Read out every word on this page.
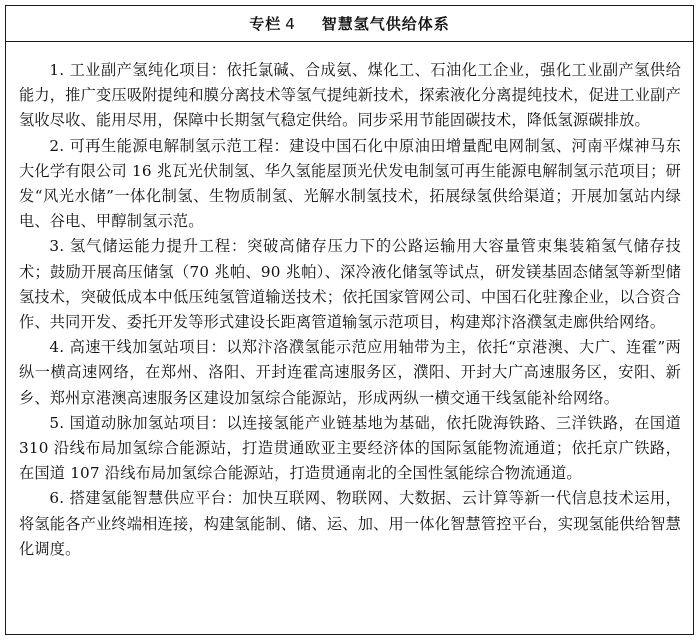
专栏 4 智慧氢气供给体系

1. 工业副产氢纯化项目：依托氯碱、合成氨、煤化工、石油化工企业，强化工业副产氢供给能力，推广变压吸附提纯和膜分离技术等氢气提纯新技术，探索液化分离提纯技术，促进工业副产氢收尽收、能用尽用，保障中长期氢气稳定供给。同步采用节能固碳技术，降低氢源碳排放。

2. 可再生能源电解制氢示范工程：建设中国石化中原油田增量配电网制氢、河南平煤神马东大化学有限公司 16 兆瓦光伏制氢、华久氢能屋顶光伏发电制氢可再生能源电解制氢示范项目；研发“风光水储”一体化制氢、生物质制氢、光解水制氢技术，拓展绿氢供给渠道；开展加氢站内绿电、谷电、甲醇制氢示范。

3. 氢气储运能力提升工程：突破高储存压力下的公路运输用大容量管束集装箱氢气储存技术；鼓励开展高压储氢（70 兆帕、90 兆帕）、深冷液化储氢等试点，研发镁基固态储氢等新型储氢技术，突破低成本中低压纯氢管道输送技术；依托国家管网公司、中国石化驻豫企业，以合资合作、共同开发、委托开发等形式建设长距离管道输氢示范项目，构建郑汴洛濮氢走廊供给网络。

4. 高速干线加氢站项目：以郑汴洛濮氢能示范应用轴带为主，依托“京港澳、大广、连霍”两纵一横高速网络，在郑州、洛阳、开封连霍高速服务区，濮阳、开封大广高速服务区，安阳、新乡、郑州京港澳高速服务区建设加氢综合能源站，形成两纵一横交通干线氢能补给网络。

5. 国道动脉加氢站项目：以连接氢能产业链基地为基础，依托陇海铁路、三洋铁路，在国道 310 沿线布局加氢综合能源站，打造贯通欧亚主要经济体的国际氢能物流通道；依托京广铁路，在国道 107 沿线布局加氢综合能源站，打造贯通南北的全国性氢能综合物流通道。

6. 搭建氢能智慧供应平台：加快互联网、物联网、大数据、云计算等新一代信息技术运用，将氢能各产业终端相连接，构建氢能制、储、运、加、用一体化智慧管控平台，实现氢能供给智慧化调度。
